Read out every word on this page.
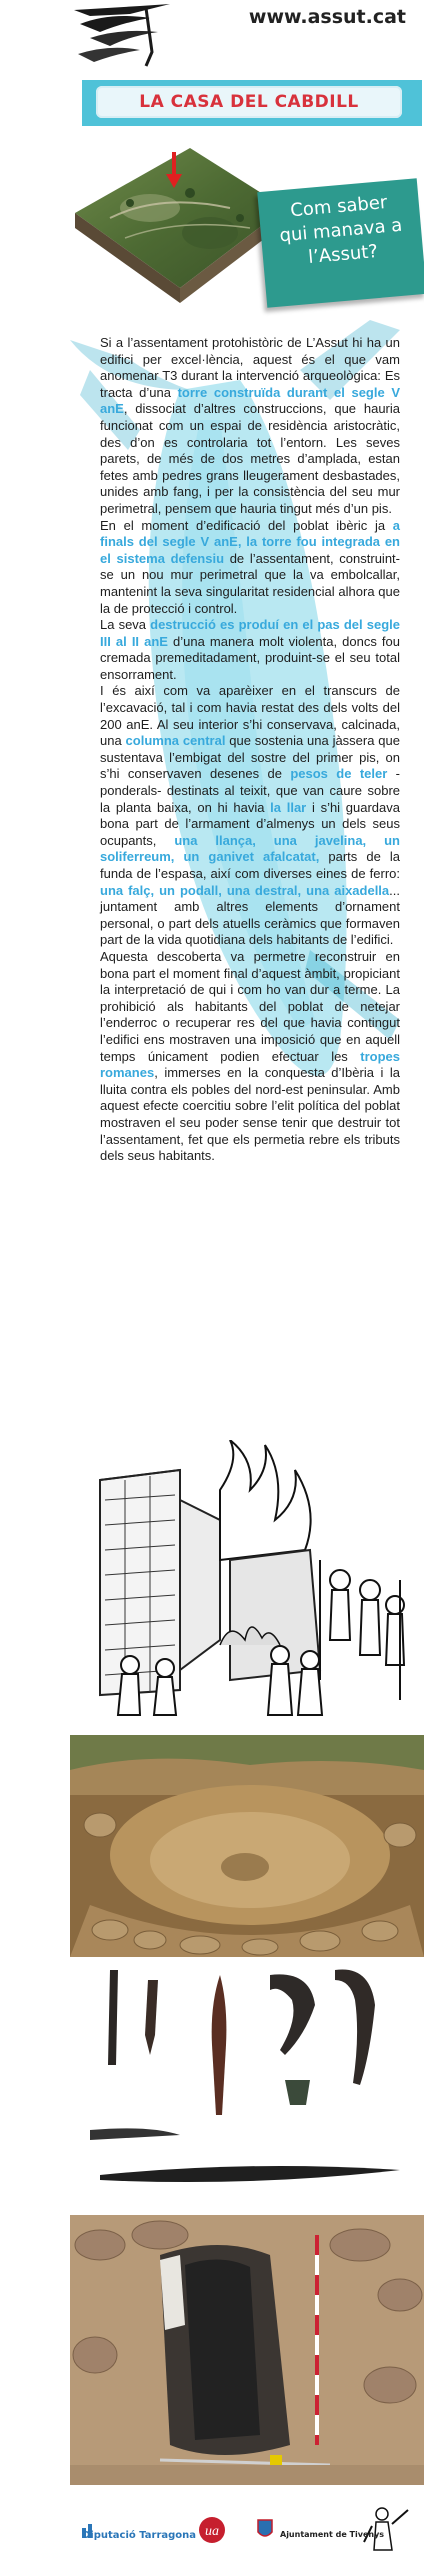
www.assut.cat
LA CASA DEL CABDILL
Com saber
qui manava a
l’Assut?

Si a l’assentament protohistòric de L’Assut hi ha un edifici per excel·lència, aquest és el que vam anomenar T3 durant la intervenció arqueològica: Es tracta d’una torre construïda durant el segle V anE, dissociat d’altres construccions, que hauria funcionat com un espai de residència aristocràtic, des d’on es controlaria tot l’entorn. Les seves parets, de més de dos metres d’amplada, estan fetes amb pedres grans lleugerament desbastades, unides amb fang, i per la consistència del seu mur perimetral, pensem que hauria tingut més d’un pis.

En el moment d’edificació del poblat ibèric ja a finals del segle V anE, la torre fou integrada en el sistema defensiu de l’assentament, construint-se un nou mur perimetral que la va embolcallar, mantenint la seva singularitat residencial alhora que la de protecció i control.

La seva destrucció es produí en el pas del segle III al II anE d’una manera molt violenta, doncs fou cremada premeditadament, produint-se el seu total ensorrament.

I és així com va aparèixer en el transcurs de l’excavació, tal i com havia restat des dels volts del 200 anE. Al seu interior s’hi conservava, calcinada, una columna central que sostenia una jàssera que sustentava l’embigat del sostre del primer pis, on s’hi conservaven desenes de pesos de teler -ponderals- destinats al teixit, que van caure sobre la planta baixa, on hi havia la llar i s’hi guardava bona part de l’armament d’almenys un dels seus ocupants, una llança, una javelina, un soliferreum, un ganivet afalcatat, parts de la funda de l’espasa, així com diverses eines de ferro: una falç, un podall, una destral, una aixadella... juntament amb altres elements d’ornament personal, o part dels atuells ceràmics que formaven part de la vida quotidiana dels habitants de l’edifici.

Aquesta descoberta va permetre reconstruir en bona part el moment final d’aquest àmbit, propiciant la interpretació de qui i com ho van dur a terme. La prohibició als habitants del poblat de netejar l’enderroc o recuperar res del que havia contingut l’edifici ens mostraven una imposició que en aquell temps únicament podien efectuar les tropes romanes, immerses en la conquesta d’Ibèria i la lluita contra els pobles del nord-est peninsular. Amb aquest efecte coercitiu sobre l’elit política del poblat mostraven el seu poder sense tenir que destruir tot l’assentament, fet que els permetia rebre els tributs dels seus habitants.

ua
Diputació Tarragona	Ajuntament de Tivenys
